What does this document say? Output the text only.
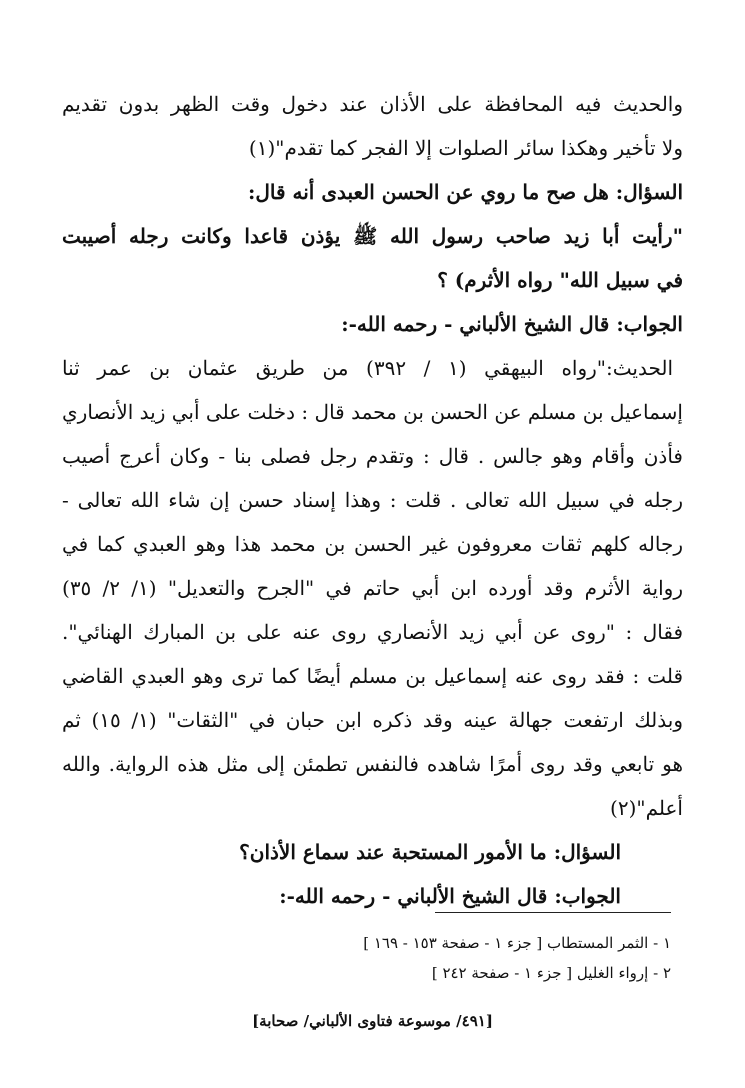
والحديث فيه المحافظة على الأذان عند دخول وقت الظهر بدون تقديم
ولا تأخير وهكذا سائر الصلوات إلا الفجر كما تقدم"(١)
السؤال: هل صح ما روي عن الحسن العبدى أنه قال:
"رأيت أبا زيد صاحب رسول الله ﷺ يؤذن قاعدا وكانت رجله أصيبت
في سبيل الله" رواه الأثرم) ؟
الجواب: قال الشيخ الألباني - رحمه الله-:
الحديث:"رواه البيهقي (١ / ٣٩٢) من طريق عثمان بن عمر ثنا
إسماعيل بن مسلم عن الحسن بن محمد قال : دخلت على أبي زيد الأنصاري
فأذن وأقام وهو جالس . قال : وتقدم رجل فصلى بنا - وكان أعرج أصيب
رجله في سبيل الله تعالى . قلت : وهذا إسناد حسن إن شاء الله تعالى -
رجاله كلهم ثقات معروفون غير الحسن بن محمد هذا وهو العبدي كما في
رواية الأثرم وقد أورده ابن أبي حاتم في "الجرح والتعديل" (١/ ٢/ ٣٥)
فقال : "روى عن أبي زيد الأنصاري روى عنه على بن المبارك الهنائي".
قلت : فقد روى عنه إسماعيل بن مسلم أيضًا كما ترى وهو العبدي القاضي
وبذلك ارتفعت جهالة عينه وقد ذكره ابن حبان في "الثقات" (١/ ١٥) ثم
هو تابعي وقد روى أمرًا شاهده فالنفس تطمئن إلى مثل هذه الرواية. والله
أعلم"(٢)
السؤال: ما الأمور المستحبة عند سماع الأذان؟
الجواب: قال الشيخ الألباني - رحمه الله-:
١ - الثمر المستطاب [ جزء ١ - صفحة ١٥٣ - ١٦٩ ]
٢ - إرواء الغليل [ جزء ١ - صفحة ٢٤٢ ]
[٤٩١/ موسوعة فتاوى الألباني/ صحابة]
